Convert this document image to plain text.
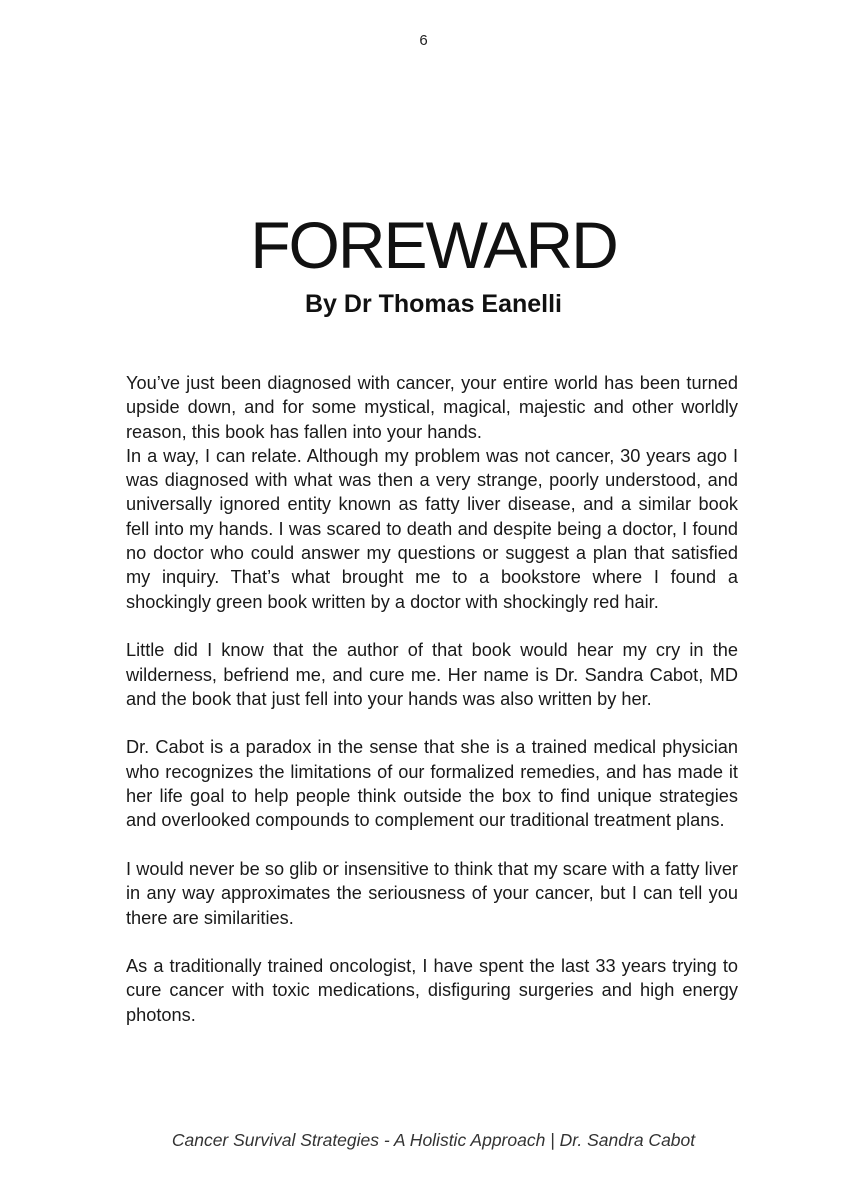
6
FOREWARD
By Dr Thomas Eanelli

You’ve just been diagnosed with cancer, your entire world has been turned upside down, and for some mystical, magical, majestic and other worldly reason, this book has fallen into your hands.

In a way, I can relate. Although my problem was not cancer, 30 years ago I was diagnosed with what was then a very strange, poorly understood, and universally ignored entity known as fatty liver disease, and a similar book fell into my hands. I was scared to death and despite being a doctor, I found no doctor who could answer my questions or suggest a plan that satisfied my inquiry. That’s what brought me to a bookstore where I found a shockingly green book written by a doctor with shockingly red hair.

Little did I know that the author of that book would hear my cry in the wilderness, befriend me, and cure me. Her name is Dr. Sandra Cabot, MD and the book that just fell into your hands was also written by her.

Dr. Cabot is a paradox in the sense that she is a trained medical physician who recognizes the limitations of our formalized remedies, and has made it her life goal to help people think outside the box to find unique strategies and overlooked compounds to complement our traditional treatment plans.

I would never be so glib or insensitive to think that my scare with a fatty liver in any way approximates the seriousness of your cancer, but I can tell you there are similarities.

As a traditionally trained oncologist, I have spent the last 33 years trying to cure cancer with toxic medications, disfiguring surgeries and high energy photons.

Cancer Survival Strategies - A Holistic Approach | Dr. Sandra Cabot
